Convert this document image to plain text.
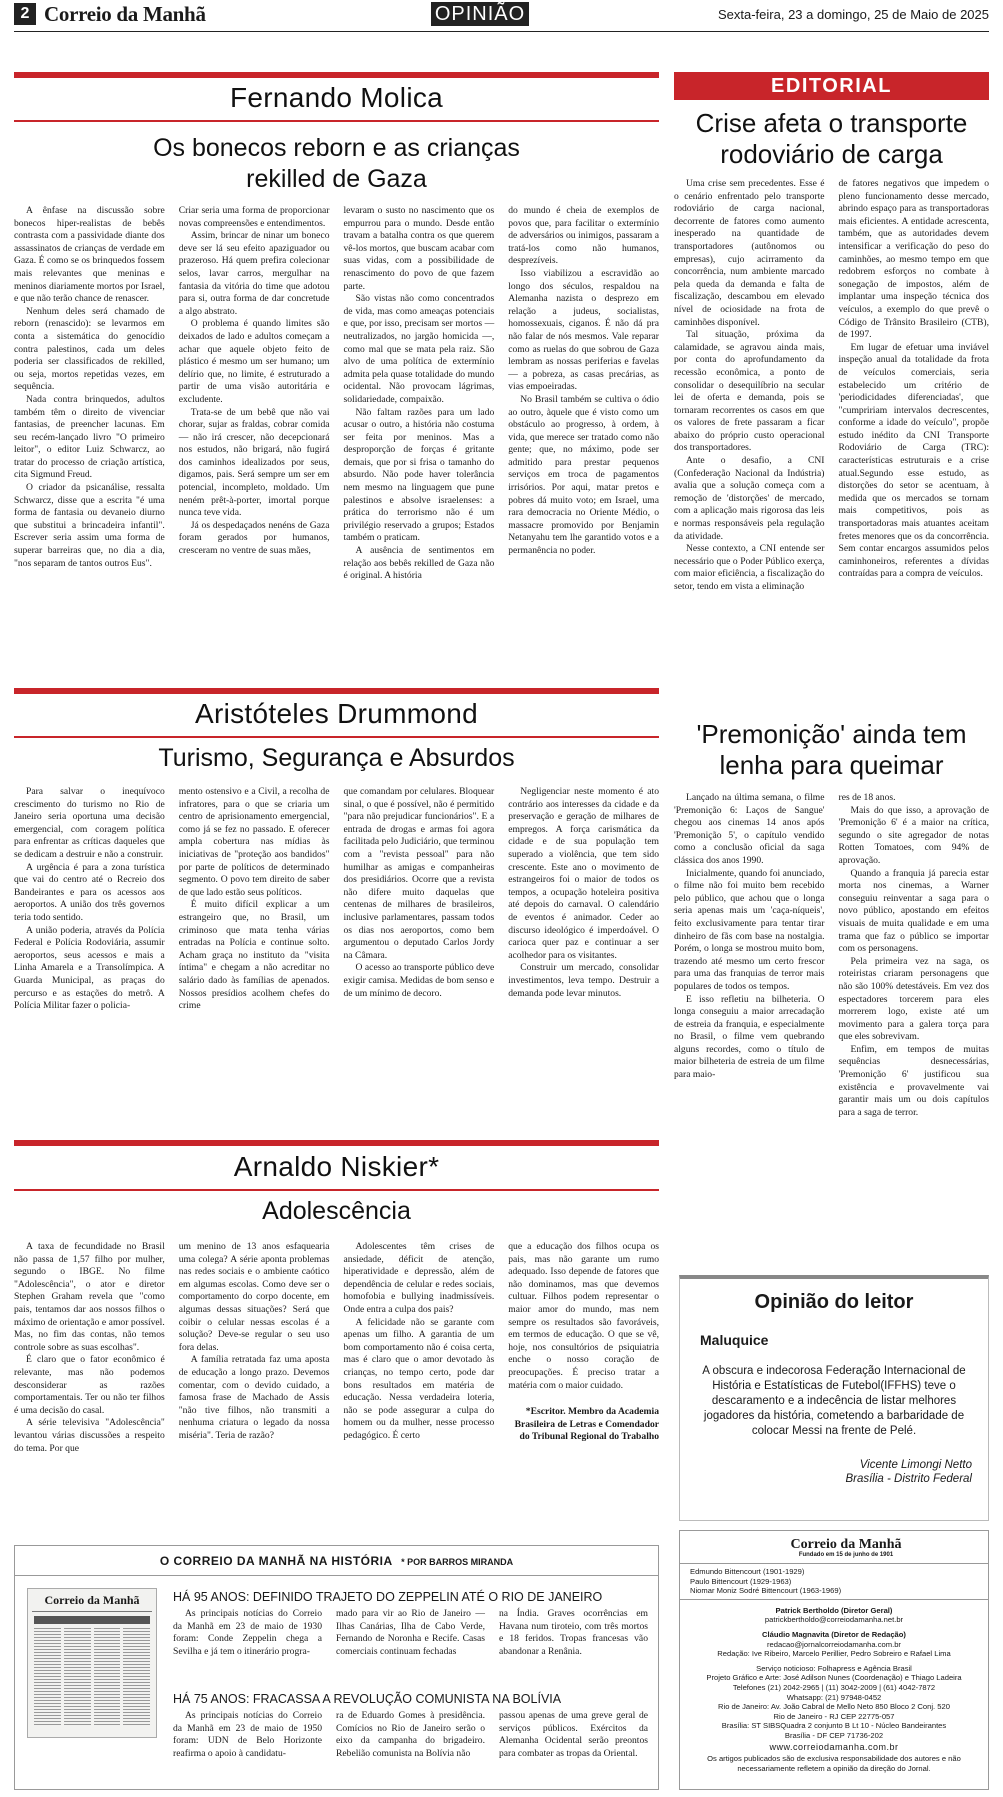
2 Correio da Manhã	OPINIÃO	Sexta-feira, 23 a domingo, 25 de Maio de 2025
Fernando Molica
Os bonecos reborn e as crianças rekilled de Gaza

A ênfase na discussão sobre bonecos hiper-realistas de bebês contrasta com a passividade diante dos assassinatos de crianças de verdade em Gaza. É como se os brinquedos fossem mais relevantes que meninas e meninos diariamente mortos por Israel, e que não terão chance de renascer.

Nenhum deles será chamado de reborn (renascido): se levarmos em conta a sistemática do genocídio contra palestinos, cada um deles poderia ser classificados de rekilled, ou seja, mortos repetidas vezes, em sequência.

Nada contra brinquedos, adultos também têm o direito de vivenciar fantasias, de preencher lacunas. Em seu recém-lançado livro "O primeiro leitor", o editor Luiz Schwarcz, ao tratar do processo de criação artística, cita Sigmund Freud.

O criador da psicanálise, ressalta Schwarcz, disse que a escrita "é uma forma de fantasia ou devaneio diurno que substitui a brincadeira infantil". Escrever seria assim uma forma de superar barreiras que, no dia a dia, "nos separam de tantos outros Eus".

Criar seria uma forma de proporcionar novas compreensões e entendimentos.

Assim, brincar de ninar um boneco deve ser lá seu efeito apaziguador ou prazeroso. Há quem prefira colecionar selos, lavar carros, mergulhar na fantasia da vitória do time que adotou para si, outra forma de dar concretude a algo abstrato.

O problema é quando limites são deixados de lado e adultos começam a achar que aquele objeto feito de plástico é mesmo um ser humano; um delírio que, no limite, é estruturado a partir de uma visão autoritária e excludente.

Trata-se de um bebê que não vai chorar, sujar as fraldas, cobrar comida — não irá crescer, não decepcionará nos estudos, não brigará, não fugirá dos caminhos idealizados por seus, digamos, pais. Será sempre um ser em potencial, incompleto, moldado. Um neném prêt-à-porter, imortal porque nunca teve vida.

Já os despedaçados nenéns de Gaza foram gerados por humanos, cresceram no ventre de suas mães,

levaram o susto no nascimento que os empurrou para o mundo. Desde então travam a batalha contra os que querem vê-los mortos, que buscam acabar com suas vidas, com a possibilidade de renascimento do povo de que fazem parte.

São vistas não como concentrados de vida, mas como ameaças potenciais e que, por isso, precisam ser mortos — neutralizados, no jargão homicida —, como mal que se mata pela raiz. São alvo de uma política de extermínio admita pela quase totalidade do mundo ocidental. Não provocam lágrimas, solidariedade, compaixão.

Não faltam razões para um lado acusar o outro, a história não costuma ser feita por meninos. Mas a desproporção de forças é gritante demais, que por si frisa o tamanho do absurdo. Não pode haver tolerância nem mesmo na linguagem que pune palestinos e absolve israelenses: a prática do terrorismo não é um privilégio reservado a grupos; Estados também o praticam.

A ausência de sentimentos em relação aos bebês rekilled de Gaza não é original. A história

do mundo é cheia de exemplos de povos que, para facilitar o extermínio de adversários ou inimigos, passaram a tratá-los como não humanos, desprezíveis.

Isso viabilizou a escravidão ao longo dos séculos, respaldou na Alemanha nazista o desprezo em relação a judeus, socialistas, homossexuais, ciganos. É não dá pra não falar de nós mesmos. Vale reparar como as ruelas do que sobrou de Gaza lembram as nossas periferias e favelas — a pobreza, as casas precárias, as vias empoeiradas.

No Brasil também se cultiva o ódio ao outro, àquele que é visto como um obstáculo ao progresso, à ordem, à vida, que merece ser tratado como não gente; que, no máximo, pode ser admitido para prestar pequenos serviços em troca de pagamentos irrisórios. Por aqui, matar pretos e pobres dá muito voto; em Israel, uma rara democracia no Oriente Médio, o massacre promovido por Benjamin Netanyahu tem lhe garantido votos e a permanência no poder.

Aristóteles Drummond
Turismo, Segurança e Absurdos

Para salvar o inequívoco crescimento do turismo no Rio de Janeiro seria oportuna uma decisão emergencial, com coragem política para enfrentar as críticas daqueles que se dedicam a destruir e não a construir.

A urgência é para a zona turística que vai do centro até o Recreio dos Bandeirantes e para os acessos aos aeroportos. A união dos três governos teria todo sentido.

A união poderia, através da Polícia Federal e Polícia Rodoviária, assumir aeroportos, seus acessos e mais a Linha Amarela e a Transolímpica. A Guarda Municipal, as praças do percurso e as estações do metrô. A Polícia Militar fazer o policia-

mento ostensivo e a Civil, a recolha de infratores, para o que se criaria um centro de aprisionamento emergencial, como já se fez no passado. E oferecer ampla cobertura nas mídias às iniciativas de "proteção aos bandidos" por parte de políticos de determinado segmento. O povo tem direito de saber de que lado estão seus políticos.

É muito difícil explicar a um estrangeiro que, no Brasil, um criminoso que mata tenha várias entradas na Polícia e continue solto. Acham graça no instituto da "visita íntima" e chegam a não acreditar no salário dado às famílias de apenados. Nossos presídios acolhem chefes do crime

que comandam por celulares. Bloquear sinal, o que é possível, não é permitido "para não prejudicar funcionários". E a entrada de drogas e armas foi agora facilitada pelo Judiciário, que terminou com a "revista pessoal" para não humilhar as amigas e companheiras dos presidiários. Ocorre que a revista não difere muito daquelas que centenas de milhares de brasileiros, inclusive parlamentares, passam todos os dias nos aeroportos, como bem argumentou o deputado Carlos Jordy na Câmara.

O acesso ao transporte público deve exigir camisa. Medidas de bom senso e de um mínimo de decoro.

Negligenciar neste momento é ato contrário aos interesses da cidade e da preservação e geração de milhares de empregos. A força carismática da cidade e de sua população tem superado a violência, que tem sido crescente. Este ano o movimento de estrangeiros foi o maior de todos os tempos, a ocupação hoteleira positiva até depois do carnaval. O calendário de eventos é animador. Ceder ao discurso ideológico é imperdoável. O carioca quer paz e continuar a ser acolhedor para os visitantes.

Construir um mercado, consolidar investimentos, leva tempo. Destruir a demanda pode levar minutos.

Arnaldo Niskier*
Adolescência

A taxa de fecundidade no Brasil não passa de 1,57 filho por mulher, segundo o IBGE. No filme "Adolescência", o ator e diretor Stephen Graham revela que "como pais, tentamos dar aos nossos filhos o máximo de orientação e amor possível. Mas, no fim das contas, não temos controle sobre as suas escolhas".

É claro que o fator econômico é relevante, mas não podemos desconsiderar as razões comportamentais. Ter ou não ter filhos é uma decisão do casal.

A série televisiva "Adolescência" levantou várias discussões a respeito do tema. Por que

um menino de 13 anos esfaquearia uma colega? A série aponta problemas nas redes sociais e o ambiente caótico em algumas escolas. Como deve ser o comportamento do corpo docente, em algumas dessas situações? Será que coibir o celular nessas escolas é a solução? Deve-se regular o seu uso fora delas.

A família retratada faz uma aposta de educação a longo prazo. Devemos comentar, com o devido cuidado, a famosa frase de Machado de Assis "não tive filhos, não transmiti a nenhuma criatura o legado da nossa miséria". Teria de razão?

Adolescentes têm crises de ansiedade, déficit de atenção, hiperatividade e depressão, além de dependência de celular e redes sociais, homofobia e bullying inadmissíveis. Onde entra a culpa dos pais?

A felicidade não se garante com apenas um filho. A garantia de um bom comportamento não é coisa certa, mas é claro que o amor devotado às crianças, no tempo certo, pode dar bons resultados em matéria de educação. Nessa verdadeira loteria, não se pode assegurar a culpa do homem ou da mulher, nesse processo pedagógico. É certo

que a educação dos filhos ocupa os pais, mas não garante um rumo adequado. Isso depende de fatores que não dominamos, mas que devemos cultuar. Filhos podem representar o maior amor do mundo, mas nem sempre os resultados são favoráveis, em termos de educação. O que se vê, hoje, nos consultórios de psiquiatria enche o nosso coração de preocupações. É preciso tratar a matéria com o maior cuidado.

*Escritor. Membro da Academia Brasileira de Letras e Comendador do Tribunal Regional do Trabalho

EDITORIAL
Crise afeta o transporte rodoviário de carga

Uma crise sem precedentes. Esse é o cenário enfrentado pelo transporte rodoviário de carga nacional, decorrente de fatores como aumento inesperado na quantidade de transportadores (autônomos ou empresas), cujo acirramento da concorrência, num ambiente marcado pela queda da demanda e falta de fiscalização, descambou em elevado nível de ociosidade na frota de caminhões disponível.

Tal situação, próxima da calamidade, se agravou ainda mais, por conta do aprofundamento da recessão econômica, a ponto de consolidar o desequilíbrio na secular lei de oferta e demanda, pois se tornaram recorrentes os casos em que os valores de frete passaram a ficar abaixo do próprio custo operacional dos transportadores.

Ante o desafio, a CNI (Confederação Nacional da Indústria) avalia que a solução começa com a remoção de 'distorções' de mercado, com a aplicação mais rigorosa das leis e normas responsáveis pela regulação da atividade.

Nesse contexto, a CNI entende ser necessário que o Poder Público exerça, com maior eficiência, a fiscalização do setor, tendo em vista a eliminação

de fatores negativos que impedem o pleno funcionamento desse mercado, abrindo espaço para as transportadoras mais eficientes. A entidade acrescenta, também, que as autoridades devem intensificar a verificação do peso do caminhões, ao mesmo tempo em que redobrem esforços no combate à sonegação de impostos, além de implantar uma inspeção técnica dos veículos, a exemplo do que prevê o Código de Trânsito Brasileiro (CTB), de 1997.

Em lugar de efetuar uma inviável inspeção anual da totalidade da frota de veículos comerciais, seria estabelecido um critério de 'periodicidades diferenciadas', que "cumpririam intervalos decrescentes, conforme a idade do veículo", propõe estudo inédito da CNI Transporte Rodoviário de Carga (TRC): características estruturais e a crise atual.Segundo esse estudo, as distorções do setor se acentuam, à medida que os mercados se tornam mais competitivos, pois as transportadoras mais atuantes aceitam fretes menores que os da concorrência. Sem contar encargos assumidos pelos caminhoneiros, referentes a dívidas contraídas para a compra de veículos.

'Premonição' ainda tem lenha para queimar

Lançado na última semana, o filme 'Premonição 6: Laços de Sangue' chegou aos cinemas 14 anos após 'Premonição 5', o capítulo vendido como a conclusão oficial da saga clássica dos anos 1990.

Inicialmente, quando foi anunciado, o filme não foi muito bem recebido pelo público, que achou que o longa seria apenas mais um 'caça-níqueis', feito exclusivamente para tentar tirar dinheiro de fãs com base na nostalgia. Porém, o longa se mostrou muito bom, trazendo até mesmo um certo frescor para uma das franquias de terror mais populares de todos os tempos.

E isso refletiu na bilheteria. O longa conseguiu a maior arrecadação de estreia da franquia, e especialmente no Brasil, o filme vem quebrando alguns recordes, como o título de maior bilheteria de estreia de um filme para maio-

res de 18 anos.

Mais do que isso, a aprovação de 'Premonição 6' é a maior na crítica, segundo o site agregador de notas Rotten Tomatoes, com 94% de aprovação.

Quando a franquia já parecia estar morta nos cinemas, a Warner conseguiu reinventar a saga para o novo público, apostando em efeitos visuais de muita qualidade e em uma trama que faz o público se importar com os personagens.

Pela primeira vez na saga, os roteiristas criaram personagens que não são 100% detestáveis. Em vez dos espectadores torcerem para eles morrerem logo, existe até um movimento para a galera torça para que eles sobrevivam.

Enfim, em tempos de muitas sequências desnecessárias, 'Premonição 6' justificou sua existência e provavelmente vai garantir mais um ou dois capítulos para a saga de terror.

Opinião do leitor
Maluquice
A obscura e indecorosa Federação Internacional de História e Estatísticas de Futebol(IFFHS) teve o descaramento e a indecência de listar melhores jogadores da história, cometendo a barbaridade de colocar Messi na frente de Pelé.
Vicente Limongi Netto
Brasília - Distrito Federal
Correio da Manhã
Fundado em 15 de junho de 1901
Edmundo Bittencourt (1901-1929)
Paulo Bittencourt (1929-1963)
Niomar Moniz Sodré Bittencourt (1963-1969)
Patrick Bertholdo (Diretor Geral)
patrickbertholdo@correiodamanha.net.br
Cláudio Magnavita (Diretor de Redação)
redacao@jornalcorreiodamanha.com.br
Redação: Ive Ribeiro, Marcelo Perillier, Pedro Sobreiro e Rafael Lima
Serviço noticioso: Folhapress e Agência Brasil
Projeto Gráfico e Arte: José Adilson Nunes (Coordenação) e Thiago Ladeira
Telefones (21) 2042-2965 | (11) 3042-2009 | (61) 4042-7872
Whatsapp: (21) 97948-0452
Rio de Janeiro: Av. João Cabral de Mello Neto 850 Bloco 2 Conj. 520
Rio de Janeiro - RJ CEP 22775-057
Brasília: ST SIBSQuadra 2 conjunto B Lt 10 - Núcleo Bandeirantes
Brasília - DF CEP 71736-202
www.correiodamanha.com.br
Os artigos publicados são de exclusiva responsabilidade dos autores e não necessariamente refletem a opinião da direção do Jornal.
O CORREIO DA MANHÃ NA HISTÓRIA * POR BARROS MIRANDA
Correio da Manhã	HÁ 95 ANOS: DEFINIDO TRAJETO DO ZEPPELIN ATÉ O RIO DE JANEIRO

As principais notícias do Correio da Manhã em 23 de maio de 1930 foram: Conde Zeppelin chega a Sevilha e já tem o itinerário progra-

mado para vir ao Rio de Janeiro — Ilhas Canárias, Ilha de Cabo Verde, Fernando de Noronha e Recife. Casas comerciais continuam fechadas

na Índia. Graves ocorrências em Havana num tiroteio, com três mortos e 18 feridos. Tropas francesas vão abandonar a Renânia.

HÁ 75 ANOS: FRACASSA A REVOLUÇÃO COMUNISTA NA BOLÍVIA

As principais notícias do Correio da Manhã em 23 de maio de 1950 foram: UDN de Belo Horizonte reafirma o apoio à candidatu-

ra de Eduardo Gomes à presidência. Comícios no Rio de Janeiro serão o eixo da campanha do brigadeiro. Rebelião comunista na Bolívia não

passou apenas de uma greve geral de serviços públicos. Exércitos da Alemanha Ocidental serão preontos para combater as tropas da Oriental.
